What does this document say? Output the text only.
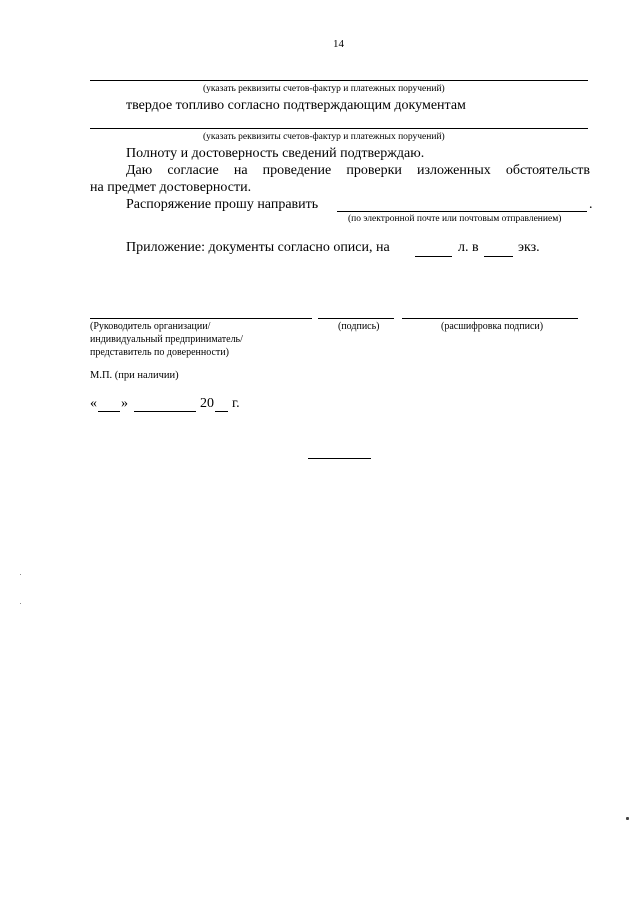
14
(указать реквизиты счетов-фактур и платежных поручений)
твердое топливо согласно подтверждающим документам
(указать реквизиты счетов-фактур и платежных поручений)
Полноту и достоверность сведений подтверждаю.
Даю согласие на проведение проверки изложенных обстоятельств
на предмет достоверности.
Распоряжение прошу направить	.
(по электронной почте или почтовым отправлением)
Приложение: документы согласно описи, на	л. в	экз.
(Руководитель организации/
индивидуальный предприниматель/
представитель по доверенности)
(подпись)	(расшифровка подписи)
М.П. (при наличии)
« »	20 г.
